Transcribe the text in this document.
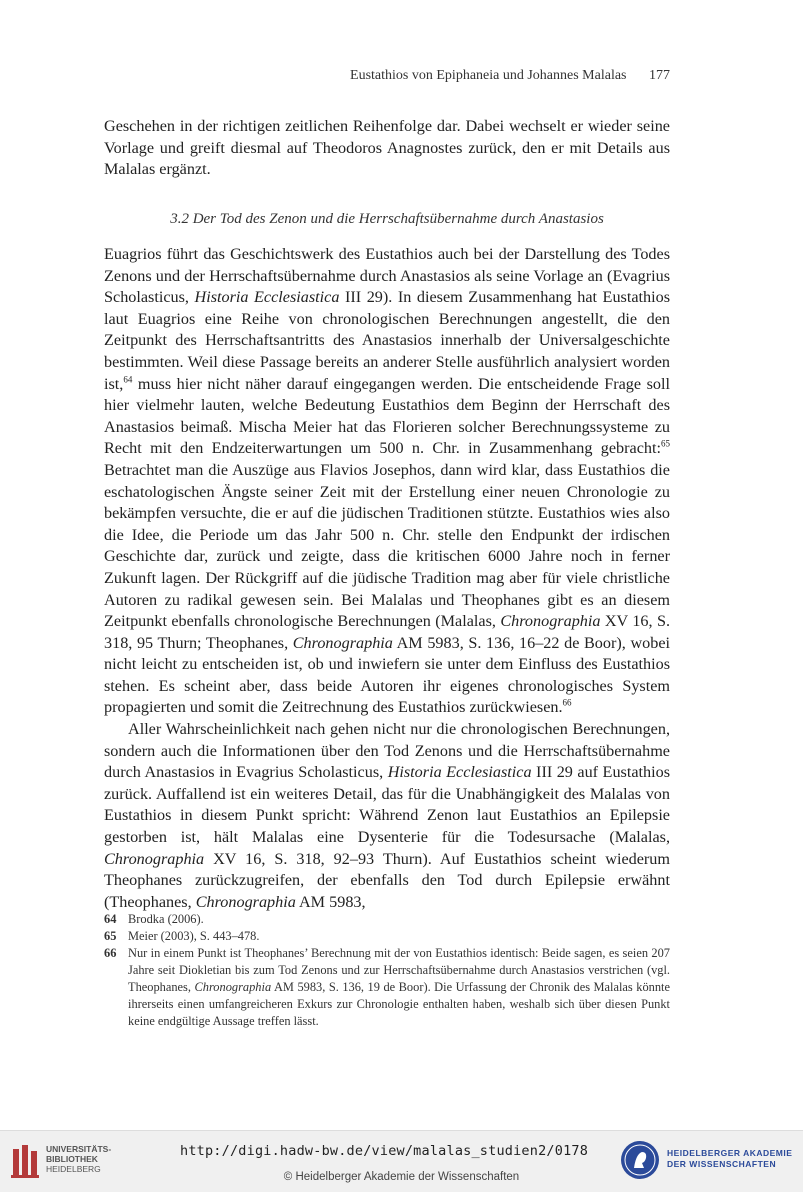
Eustathios von Epiphaneia und Johannes Malalas 177

Geschehen in der richtigen zeitlichen Reihenfolge dar. Dabei wechselt er wieder seine Vorlage und greift diesmal auf Theodoros Anagnostes zurück, den er mit Details aus Malalas ergänzt.

3.2 Der Tod des Zenon und die Herrschaftsübernahme durch Anastasios

Euagrios führt das Geschichtswerk des Eustathios auch bei der Darstellung des Todes Zenons und der Herrschaftsübernahme durch Anastasios als seine Vorlage an (Evagrius Scholasticus, Historia Ecclesiastica III 29). In diesem Zusammenhang hat Eustathios laut Euagrios eine Reihe von chronologischen Berechnungen angestellt, die den Zeitpunkt des Herrschaftsantritts des Anastasios innerhalb der Universalgeschichte bestimmten. Weil diese Passage bereits an anderer Stelle ausführlich analysiert worden ist,$^{64}$ muss hier nicht näher darauf eingegangen werden. Die entscheidende Frage soll hier vielmehr lauten, welche Bedeutung Eustathios dem Beginn der Herrschaft des Anastasios beimaß. Mischa Meier hat das Florieren solcher Berechnungssysteme zu Recht mit den Endzeiterwartungen um 500 n. Chr. in Zusammenhang gebracht:$^{65}$ Betrachtet man die Auszüge aus Flavios Josephos, dann wird klar, dass Eustathios die eschatologischen Ängste seiner Zeit mit der Erstellung einer neuen Chronologie zu bekämpfen versuchte, die er auf die jüdischen Traditionen stützte. Eustathios wies also die Idee, die Periode um das Jahr 500 n. Chr. stelle den Endpunkt der irdischen Geschichte dar, zurück und zeigte, dass die kritischen 6000 Jahre noch in ferner Zukunft lagen. Der Rückgriff auf die jüdische Tradition mag aber für viele christliche Autoren zu radikal gewesen sein. Bei Malalas und Theophanes gibt es an diesem Zeitpunkt ebenfalls chronologische Berechnungen (Malalas, Chronographia XV 16, S. 318, 95 Thurn; Theophanes, Chronographia AM 5983, S. 136, 16–22 de Boor), wobei nicht leicht zu entscheiden ist, ob und inwiefern sie unter dem Einfluss des Eustathios stehen. Es scheint aber, dass beide Autoren ihr eigenes chronologisches System propagierten und somit die Zeitrechnung des Eustathios zurückwiesen.$^{66}$

Aller Wahrscheinlichkeit nach gehen nicht nur die chronologischen Berechnungen, sondern auch die Informationen über den Tod Zenons und die Herrschaftsübernahme durch Anastasios in Evagrius Scholasticus, Historia Ecclesiastica III 29 auf Eustathios zurück. Auffallend ist ein weiteres Detail, das für die Unabhängigkeit des Malalas von Eustathios in diesem Punkt spricht: Während Zenon laut Eustathios an Epilepsie gestorben ist, hält Malalas eine Dysenterie für die Todesursache (Malalas, Chronographia XV 16, S. 318, 92–93 Thurn). Auf Eustathios scheint wiederum Theophanes zurückzugreifen, der ebenfalls den Tod durch Epilepsie erwähnt (Theophanes, Chronographia AM 5983,

64 Brodka (2006).
65 Meier (2003), S. 443–478.
66 Nur in einem Punkt ist Theophanes’ Berechnung mit der von Eustathios identisch: Beide sagen, es seien 207 Jahre seit Diokletian bis zum Tod Zenons und zur Herrschaftsübernahme durch Anastasios verstrichen (vgl. Theophanes, Chronographia AM 5983, S. 136, 19 de Boor). Die Urfassung der Chronik des Malalas könnte ihrerseits einen umfangreicheren Exkurs zur Chronologie enthalten haben, weshalb sich über diesen Punkt keine endgültige Aussage treffen lässt.
UNIVERSITÄTS-
BIBLIOTHEK
HEIDELBERG
http://digi.hadw-bw.de/view/malalas_studien2/0178
© Heidelberger Akademie der Wissenschaften
HEIDELBERGER AKADEMIE
DER WISSENSCHAFTEN
